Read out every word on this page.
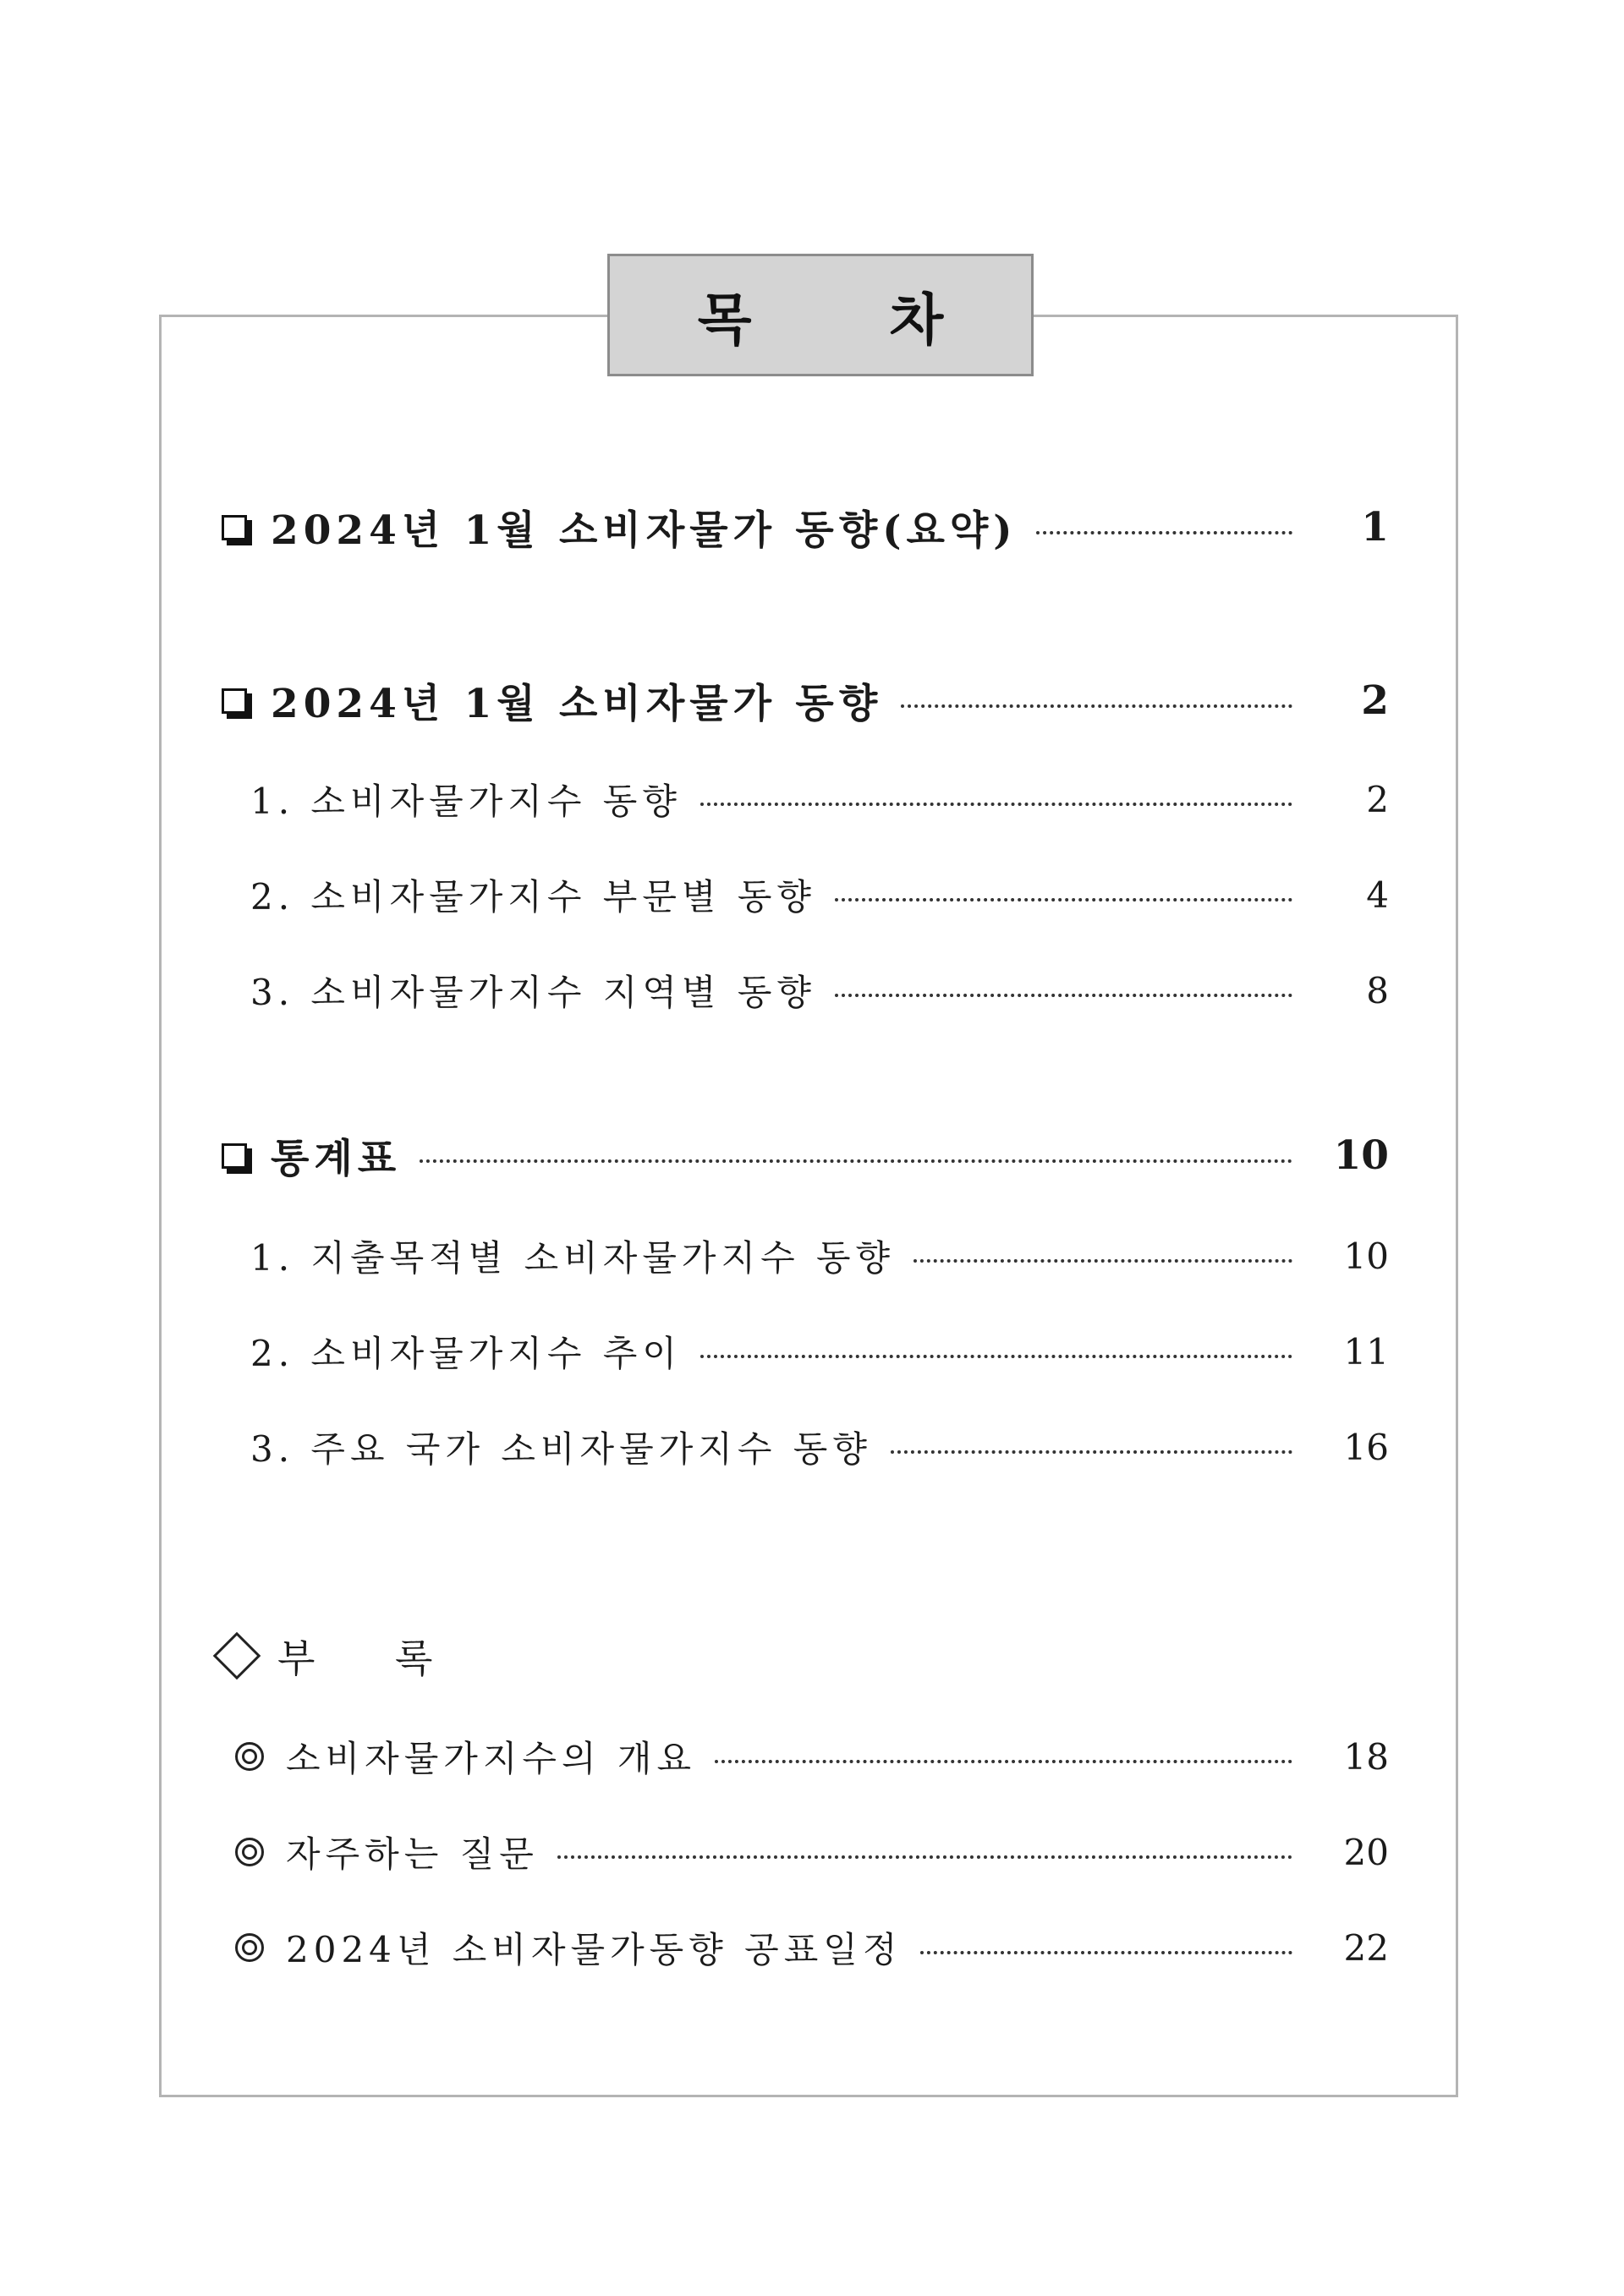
목 차
2024년 1월 소비자물가 동향(요약)	1
2024년 1월 소비자물가 동향	2
1. 소비자물가지수 동향	2
2. 소비자물가지수 부문별 동향	4
3. 소비자물가지수 지역별 동향	8
통계표	10
1. 지출목적별 소비자물가지수 동향	10
2. 소비자물가지수 추이	11
3. 주요 국가 소비자물가지수 동향	16
부 록
소비자물가지수의 개요	18
자주하는 질문	20
2024년 소비자물가동향 공표일정	22
